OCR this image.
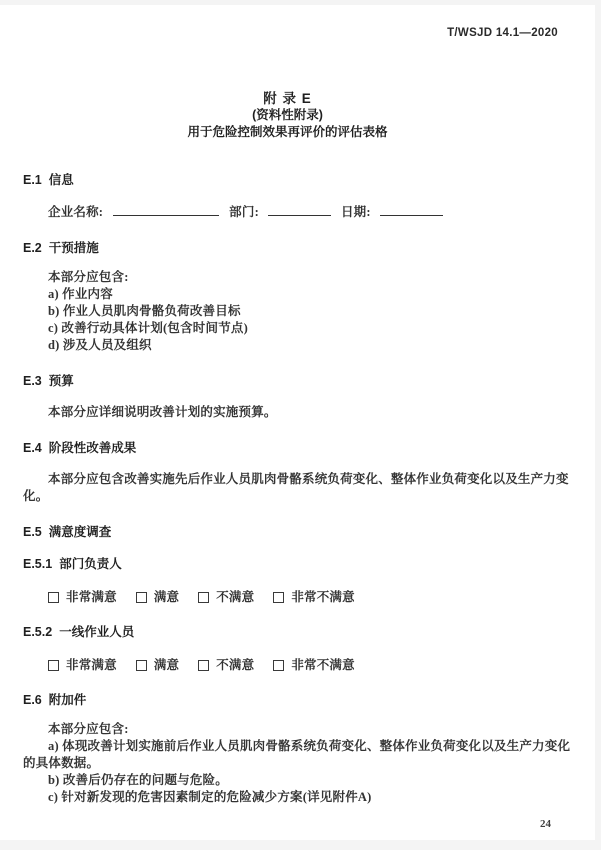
T/WSJD 14.1—2020
附 录 E
(资料性附录)
用于危险控制效果再评价的评估表格
E.1 信息
企业名称:	部门:	日期:
E.2 干预措施
本部分应包含:
a) 作业内容
b) 作业人员肌肉骨骼负荷改善目标
c) 改善行动具体计划(包含时间节点)
d) 涉及人员及组织
E.3 预算
本部分应详细说明改善计划的实施预算。
E.4 阶段性改善成果
本部分应包含改善实施先后作业人员肌肉骨骼系统负荷变化、整体作业负荷变化以及生产力变化。
E.5 满意度调查
E.5.1 部门负责人
非常满意	满意	不满意	非常不满意
E.5.2 一线作业人员
非常满意	满意	不满意	非常不满意
E.6 附加件
本部分应包含:
a) 体现改善计划实施前后作业人员肌肉骨骼系统负荷变化、整体作业负荷变化以及生产力变化的具体数据。
b) 改善后仍存在的问题与危险。
c) 针对新发现的危害因素制定的危险减少方案(详见附件A)
24
